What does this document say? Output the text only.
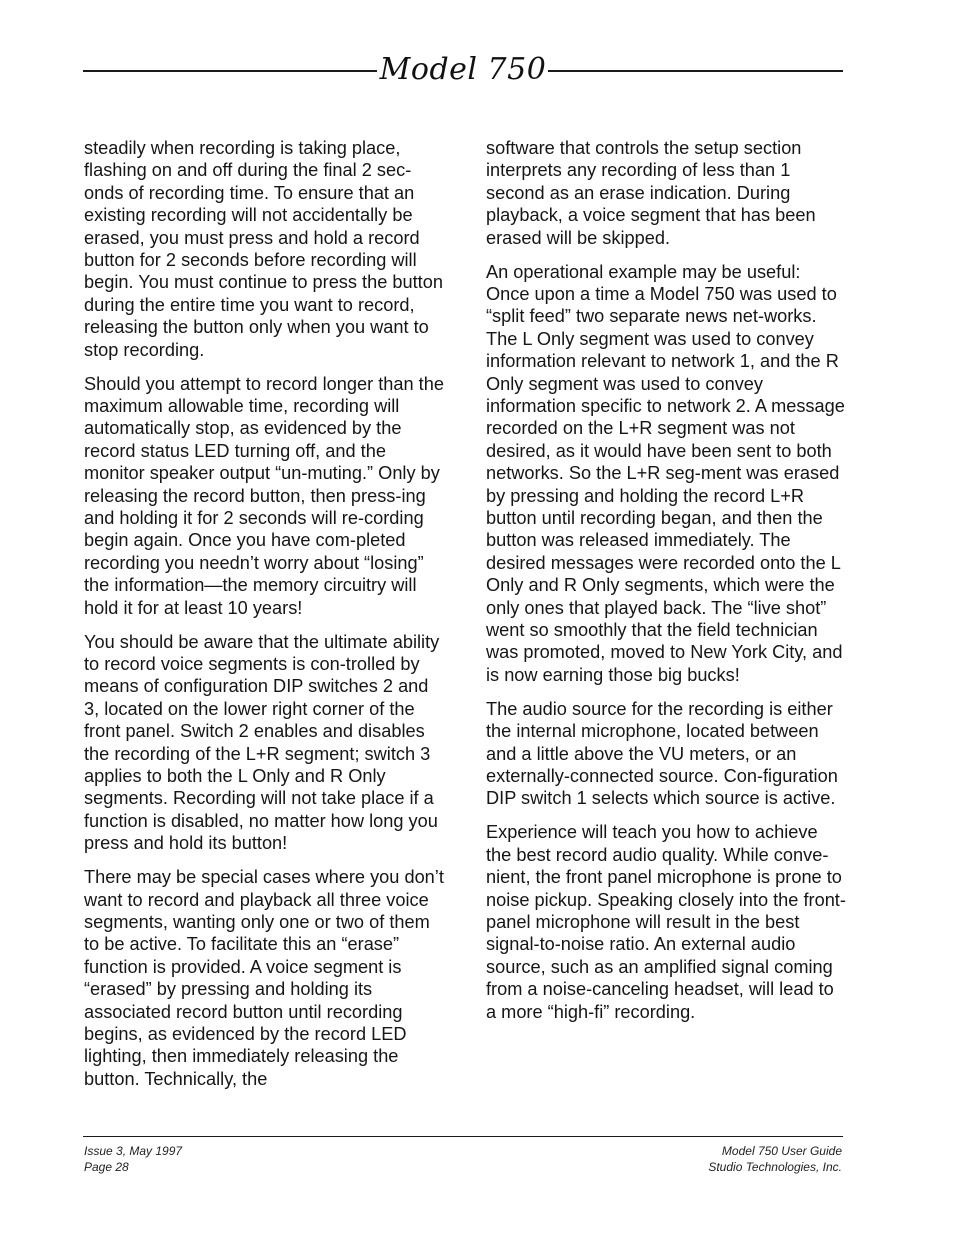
Model 750

steadily when recording is taking place, flashing on and off during the final 2 sec-onds of recording time. To ensure that an existing recording will not accidentally be erased, you must press and hold a record button for 2 seconds before recording will begin. You must continue to press the button during the entire time you want to record, releasing the button only when you want to stop recording.

Should you attempt to record longer than the maximum allowable time, recording will automatically stop, as evidenced by the record status LED turning off, and the monitor speaker output “un-muting.” Only by releasing the record button, then press-ing and holding it for 2 seconds will re-cording begin again. Once you have com-pleted recording you needn’t worry about “losing” the information—the memory circuitry will hold it for at least 10 years!

You should be aware that the ultimate ability to record voice segments is con-trolled by means of configuration DIP switches 2 and 3, located on the lower right corner of the front panel. Switch 2 enables and disables the recording of the L+R segment; switch 3 applies to both the L Only and R Only segments. Recording will not take place if a function is disabled, no matter how long you press and hold its button!

There may be special cases where you don’t want to record and playback all three voice segments, wanting only one or two of them to be active. To facilitate this an “erase” function is provided. A voice segment is “erased” by pressing and holding its associated record button until recording begins, as evidenced by the record LED lighting, then immediately releasing the button. Technically, the

software that controls the setup section interprets any recording of less than 1 second as an erase indication. During playback, a voice segment that has been erased will be skipped.

An operational example may be useful: Once upon a time a Model 750 was used to “split feed” two separate news net-works. The L Only segment was used to convey information relevant to network 1, and the R Only segment was used to convey information specific to network 2. A message recorded on the L+R segment was not desired, as it would have been sent to both networks. So the L+R seg-ment was erased by pressing and holding the record L+R button until recording began, and then the button was released immediately. The desired messages were recorded onto the L Only and R Only segments, which were the only ones that played back. The “live shot” went so smoothly that the field technician was promoted, moved to New York City, and is now earning those big bucks!

The audio source for the recording is either the internal microphone, located between and a little above the VU meters, or an externally-connected source. Con-figuration DIP switch 1 selects which source is active.

Experience will teach you how to achieve the best record audio quality. While conve-nient, the front panel microphone is prone to noise pickup. Speaking closely into the front-panel microphone will result in the best signal-to-noise ratio. An external audio source, such as an amplified signal coming from a noise-canceling headset, will lead to a more “high-fi” recording.

Issue 3, May 1997
Page 28
Model 750 User Guide
Studio Technologies, Inc.
